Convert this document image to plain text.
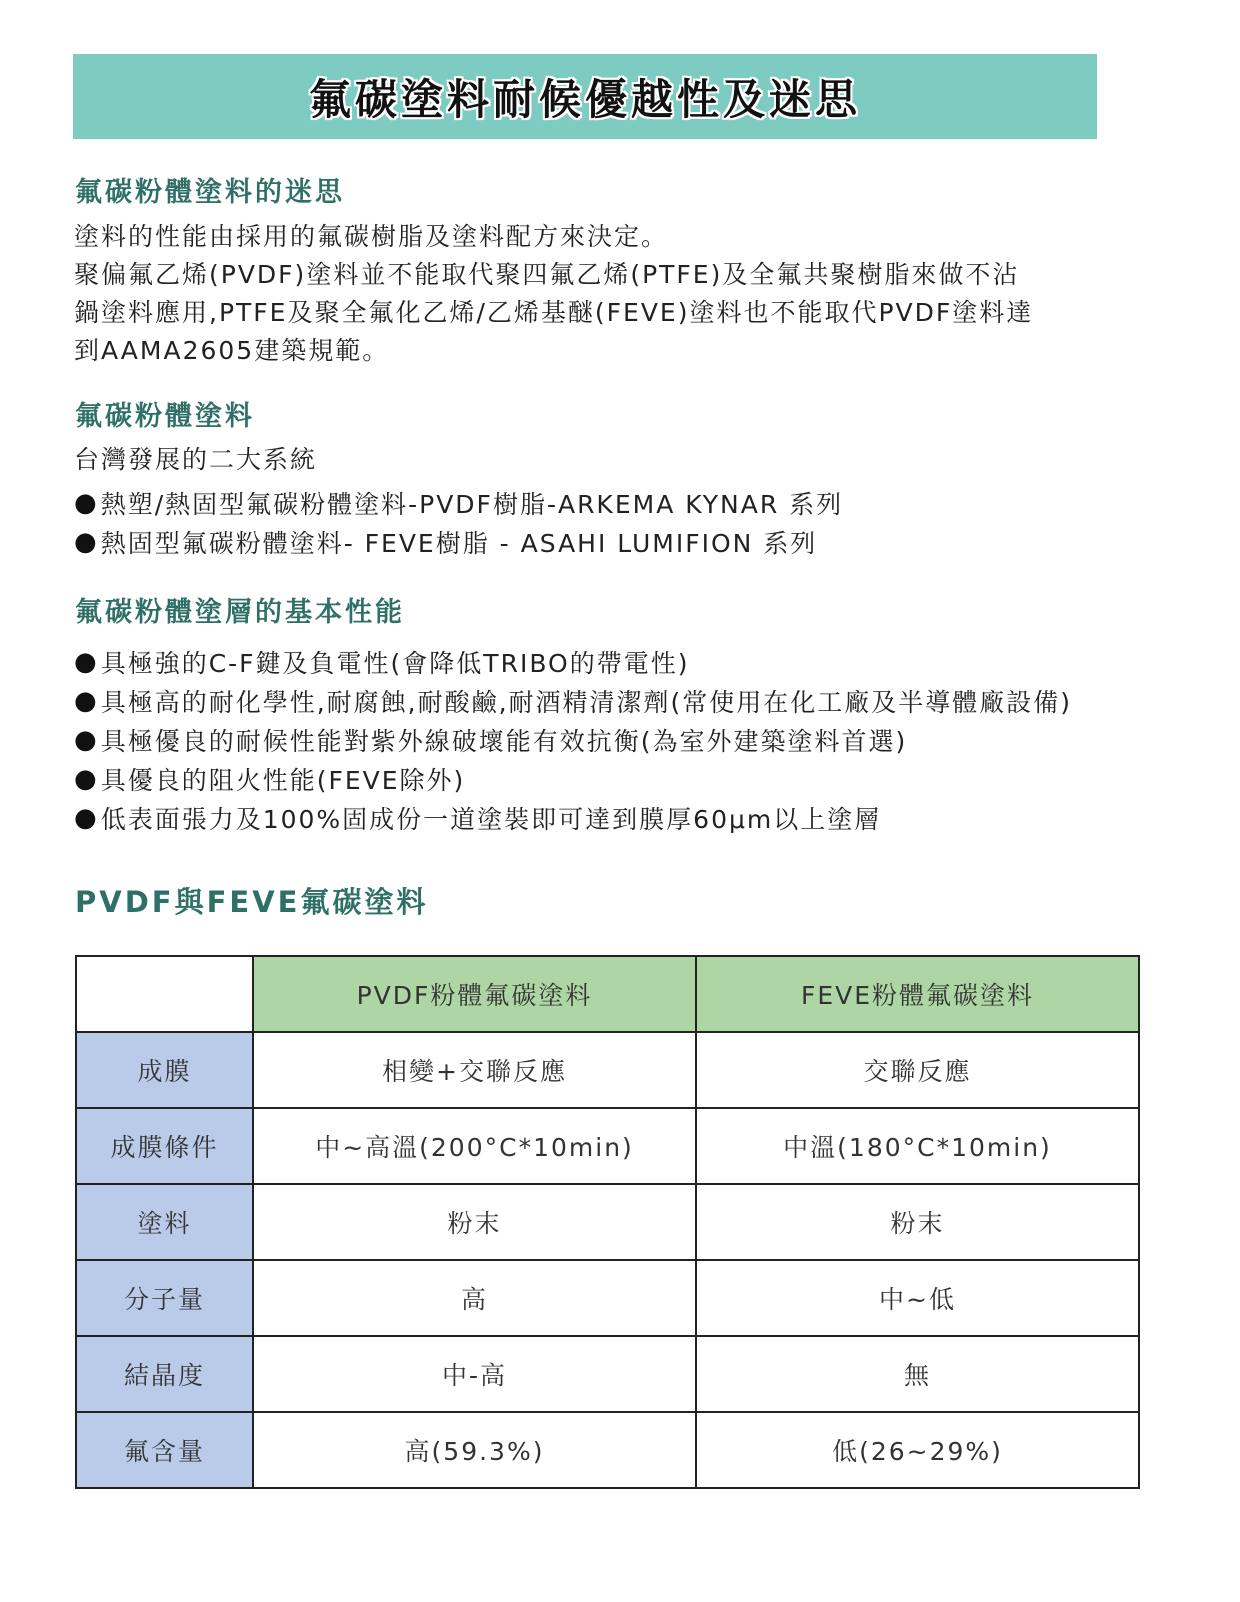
氟碳塗料耐候優越性及迷思
氟碳粉體塗料的迷思

塗料的性能由採用的氟碳樹脂及塗料配方來決定。

聚偏氟乙烯(PVDF)塗料並不能取代聚四氟乙烯(PTFE)及全氟共聚樹脂來做不沾

鍋塗料應用,PTFE及聚全氟化乙烯/乙烯基醚(FEVE)塗料也不能取代PVDF塗料達

到AAMA2605建築規範。

氟碳粉體塗料

台灣發展的二大系統

● 熱塑/熱固型氟碳粉體塗料-PVDF樹脂-ARKEMA KYNAR 系列
● 熱固型氟碳粉體塗料- FEVE樹脂 - ASAHI LUMIFION 系列
氟碳粉體塗層的基本性能
● 具極強的C-F鍵及負電性(會降低TRIBO的帶電性)
● 具極高的耐化學性,耐腐蝕,耐酸鹼,耐酒精清潔劑(常使用在化工廠及半導體廠設備)
● 具極優良的耐候性能對紫外線破壞能有效抗衡(為室外建築塗料首選)
● 具優良的阻火性能(FEVE除外)
● 低表面張力及100%固成份一道塗裝即可達到膜厚60μm以上塗層
PVDF與FEVE氟碳塗料
	PVDF粉體氟碳塗料	FEVE粉體氟碳塗料
成膜	相變+交聯反應	交聯反應
成膜條件	中~高溫(200°C*10min)	中溫(180°C*10min)
塗料	粉末	粉末
分子量	高	中~低
結晶度	中-高	無
氟含量	高(59.3%)	低(26~29%)
